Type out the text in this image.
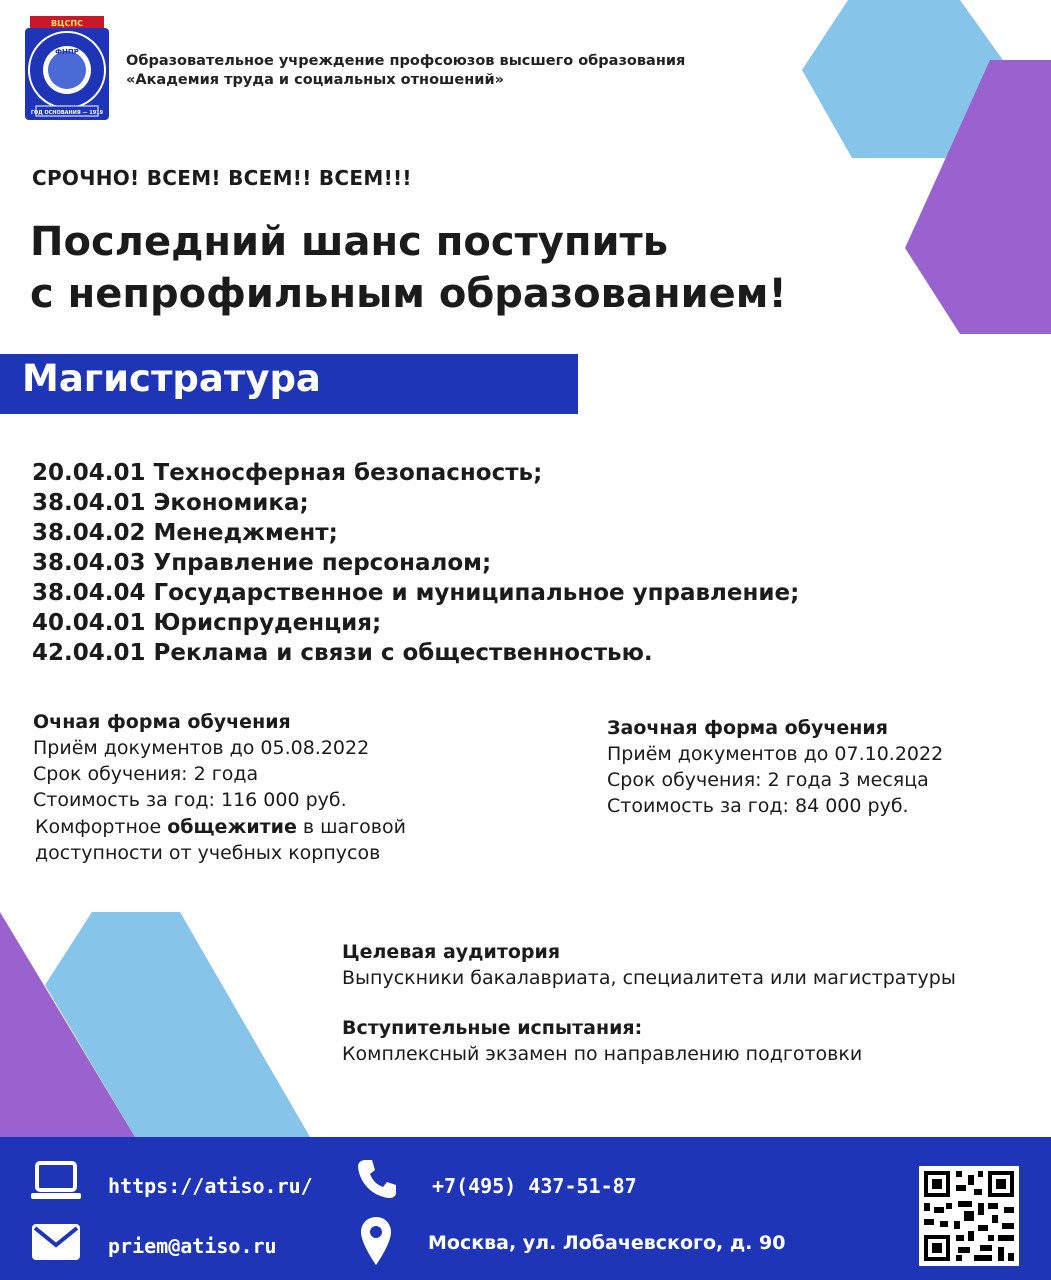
ВЦСПС
ФНПР
ГОД ОСНОВАНИЯ — 1919
Образовательное учреждение профсоюзов высшего образования
«Академия труда и социальных отношений»
СРОЧНО! ВСЕМ! ВСЕМ!! ВСЕМ!!!
Последний шанс поступить
с непрофильным образованием!
Магистратура
20.04.01 Техносферная безопасность;
38.04.01 Экономика;
38.04.02 Менеджмент;
38.04.03 Управление персоналом;
38.04.04 Государственное и муниципальное управление;
40.04.01 Юриспруденция;
42.04.01 Реклама и связи с общественностью.
Очная форма обучения
Приём документов до 05.08.2022
Срок обучения: 2 года
Стоимость за год: 116 000 руб.
Комфортное общежитие в шаговой
доступности от учебных корпусов
Заочная форма обучения
Приём документов до 07.10.2022
Срок обучения: 2 года 3 месяца
Стоимость за год: 84 000 руб.
Целевая аудитория
Выпускники бакалавриата, специалитета или магистратуры
Вступительные испытания:
Комплексный экзамен по направлению подготовки
https://atiso.ru/
priem@atiso.ru
+7(495) 437-51-87
Москва, ул. Лобачевского, д. 90
